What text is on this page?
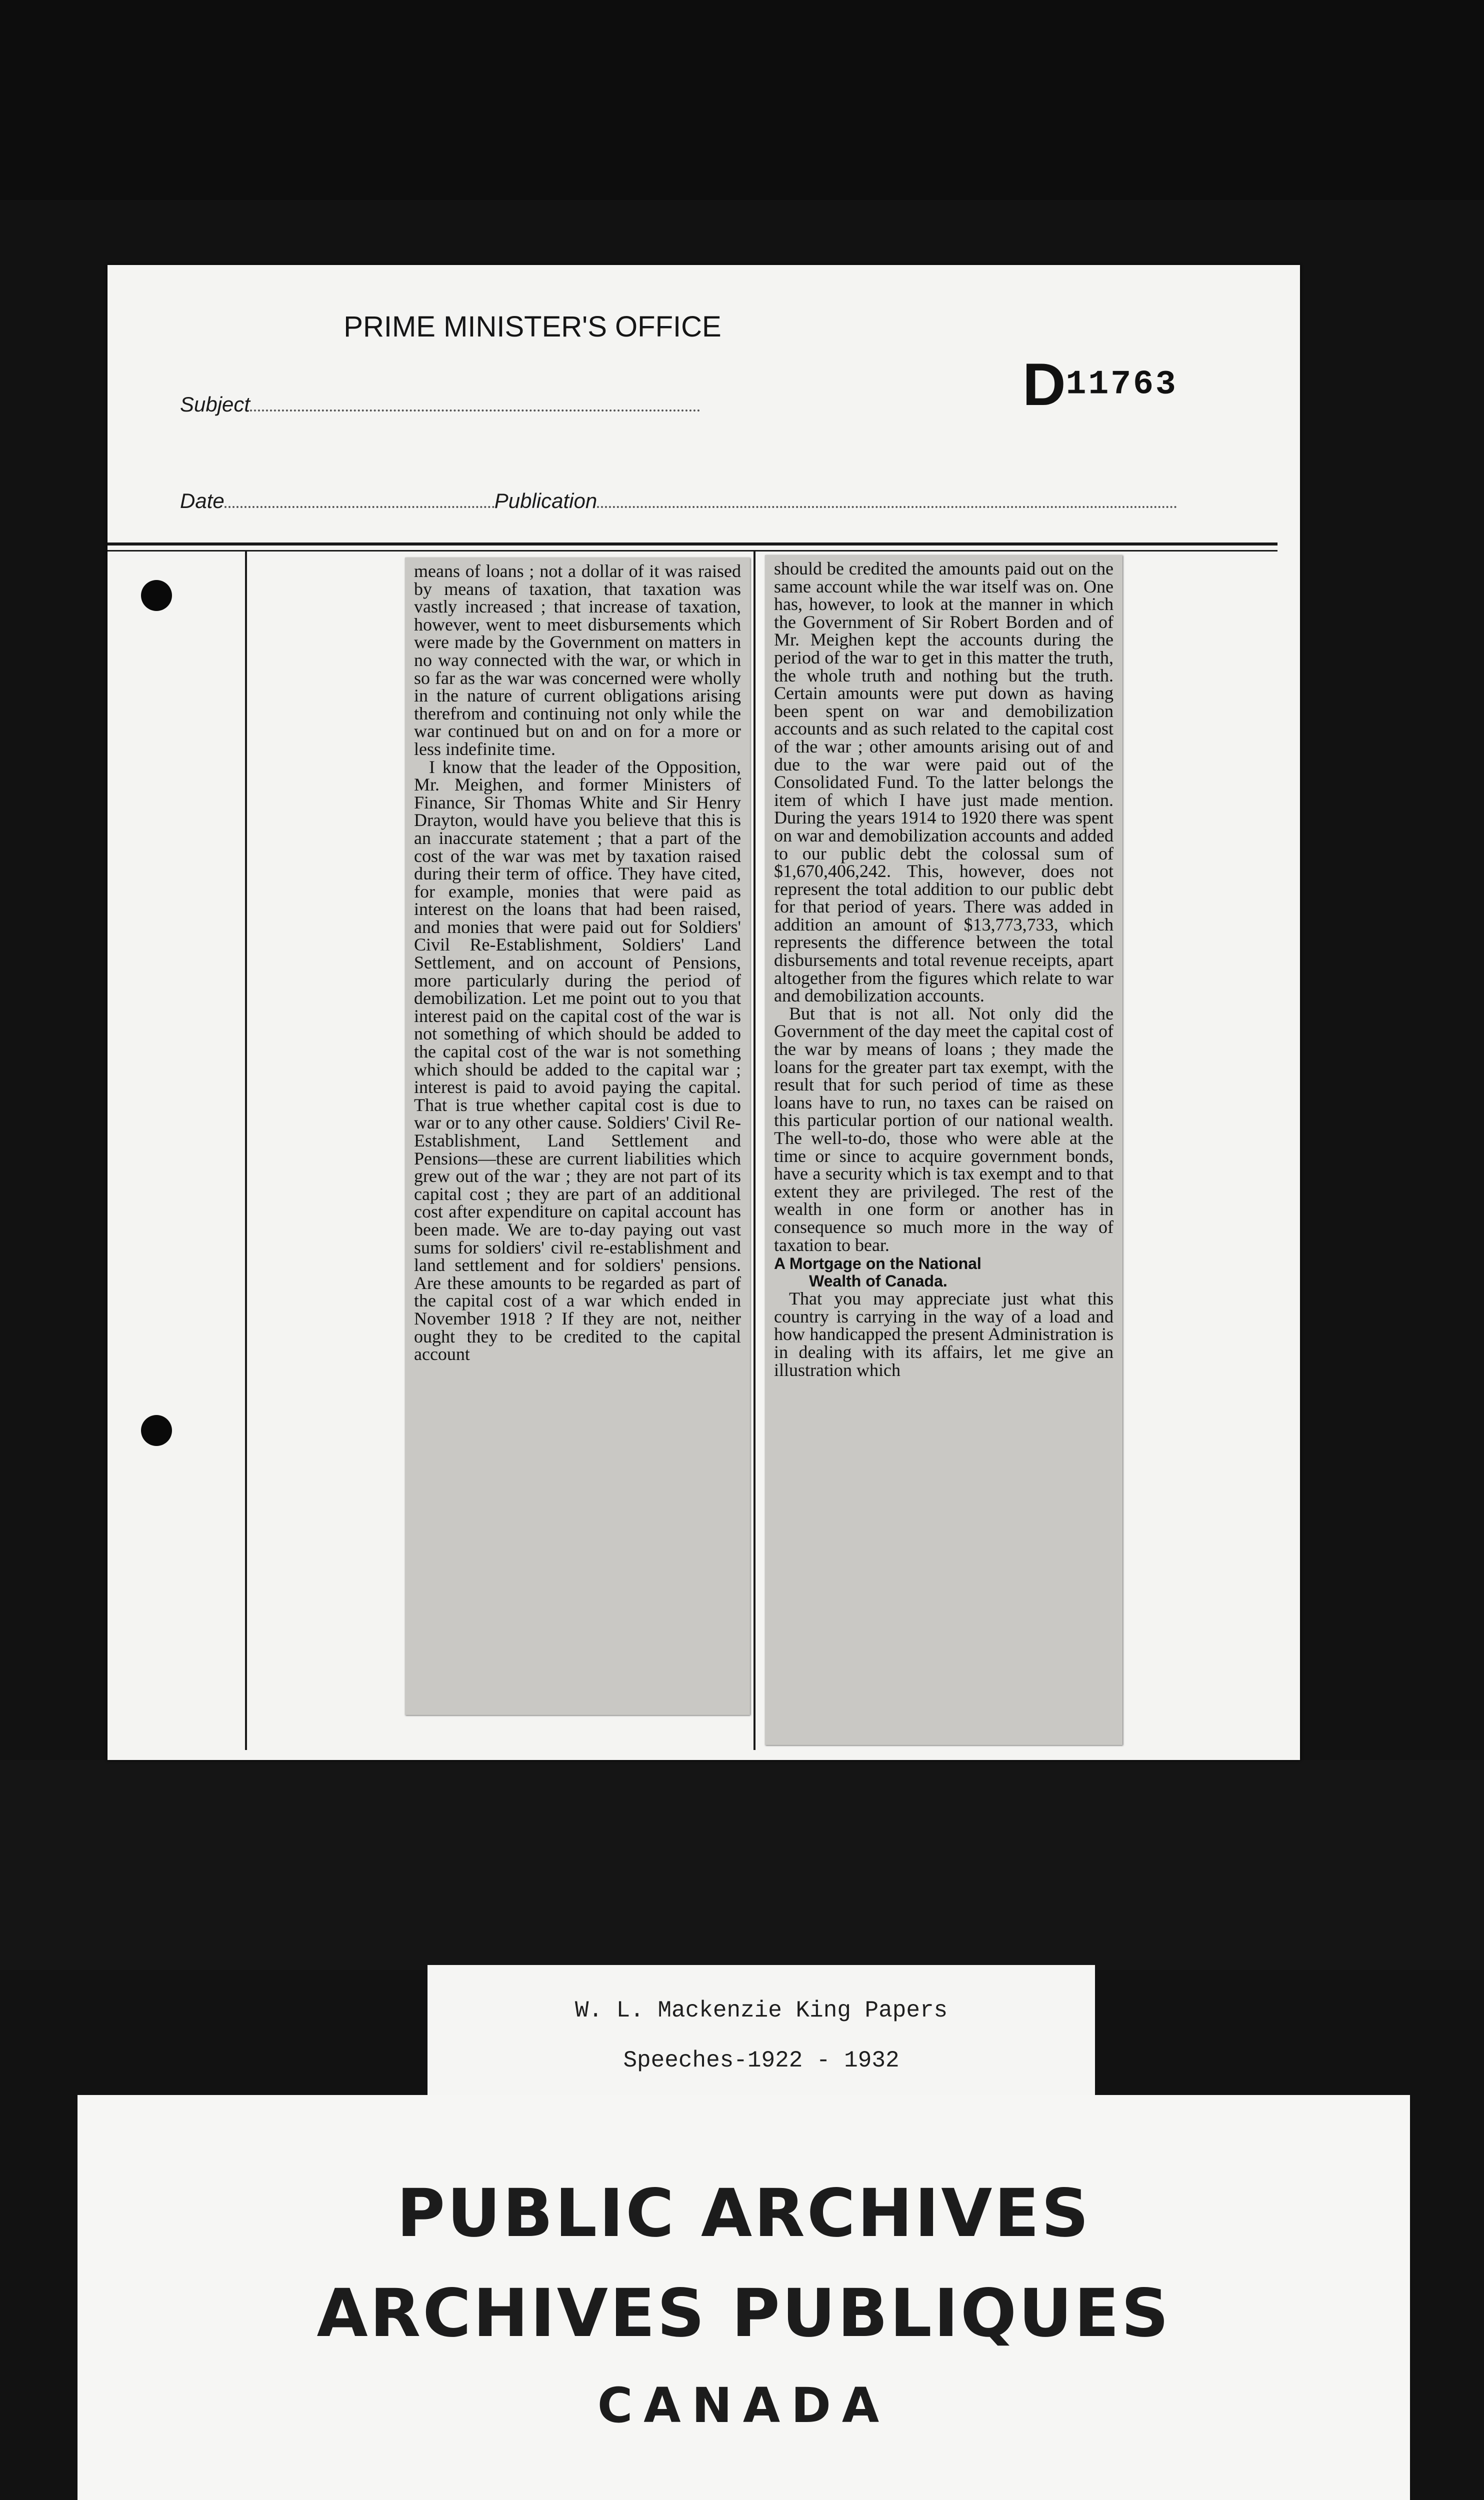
PRIME MINISTER'S OFFICE
D11763
Subject
Date	Publication

means of loans ; not a dollar of it was raised by means of taxation, that taxation was vastly increased ; that increase of taxation, however, went to meet disbursements which were made by the Government on matters in no way connected with the war, or which in so far as the war was concerned were wholly in the nature of current obligations arising therefrom and continuing not only while the war continued but on and on for a more or less indefinite time.

I know that the leader of the Opposition, Mr. Meighen, and former Ministers of Finance, Sir Thomas White and Sir Henry Drayton, would have you believe that this is an inaccurate statement ; that a part of the cost of the war was met by taxation raised during their term of office. They have cited, for example, monies that were paid as interest on the loans that had been raised, and monies that were paid out for Soldiers' Civil Re-Establishment, Soldiers' Land Settlement, and on account of Pensions, more particularly during the period of demobilization. Let me point out to you that interest paid on the capital cost of the war is not something of which should be added to the capital cost of the war is not something which should be added to the capital war ; interest is paid to avoid paying the capital. That is true whether capital cost is due to war or to any other cause. Soldiers' Civil Re-Establishment, Land Settlement and Pensions—these are current liabilities which grew out of the war ; they are not part of its capital cost ; they are part of an additional cost after expenditure on capital account has been made. We are to-day paying out vast sums for soldiers' civil re-establishment and land settlement and for soldiers' pensions. Are these amounts to be regarded as part of the capital cost of a war which ended in November 1918 ? If they are not, neither ought they to be credited to the capital account

should be credited the amounts paid out on the same account while the war itself was on. One has, however, to look at the manner in which the Government of Sir Robert Borden and of Mr. Meighen kept the accounts during the period of the war to get in this matter the truth, the whole truth and nothing but the truth. Certain amounts were put down as having been spent on war and demobilization accounts and as such related to the capital cost of the war ; other amounts arising out of and due to the war were paid out of the Consolidated Fund. To the latter belongs the item of which I have just made mention. During the years 1914 to 1920 there was spent on war and demobilization accounts and added to our public debt the colossal sum of $1,670,406,242. This, however, does not represent the total addition to our public debt for that period of years. There was added in addition an amount of $13,773,733, which represents the difference between the total disbursements and total revenue receipts, apart altogether from the figures which relate to war and demobilization accounts.

But that is not all. Not only did the Government of the day meet the capital cost of the war by means of loans ; they made the loans for the greater part tax exempt, with the result that for such period of time as these loans have to run, no taxes can be raised on this particular portion of our national wealth. The well-to-do, those who were able at the time or since to acquire government bonds, have a security which is tax exempt and to that extent they are privileged. The rest of the wealth in one form or another has in consequence so much more in the way of taxation to bear.

A Mortgage on the National
Wealth of Canada.

That you may appreciate just what this country is carrying in the way of a load and how handicapped the present Administration is in dealing with its affairs, let me give an illustration which

W. L. Mackenzie King Papers
Speeches-1922 - 1932
PUBLIC ARCHIVES
ARCHIVES PUBLIQUES
CANADA
